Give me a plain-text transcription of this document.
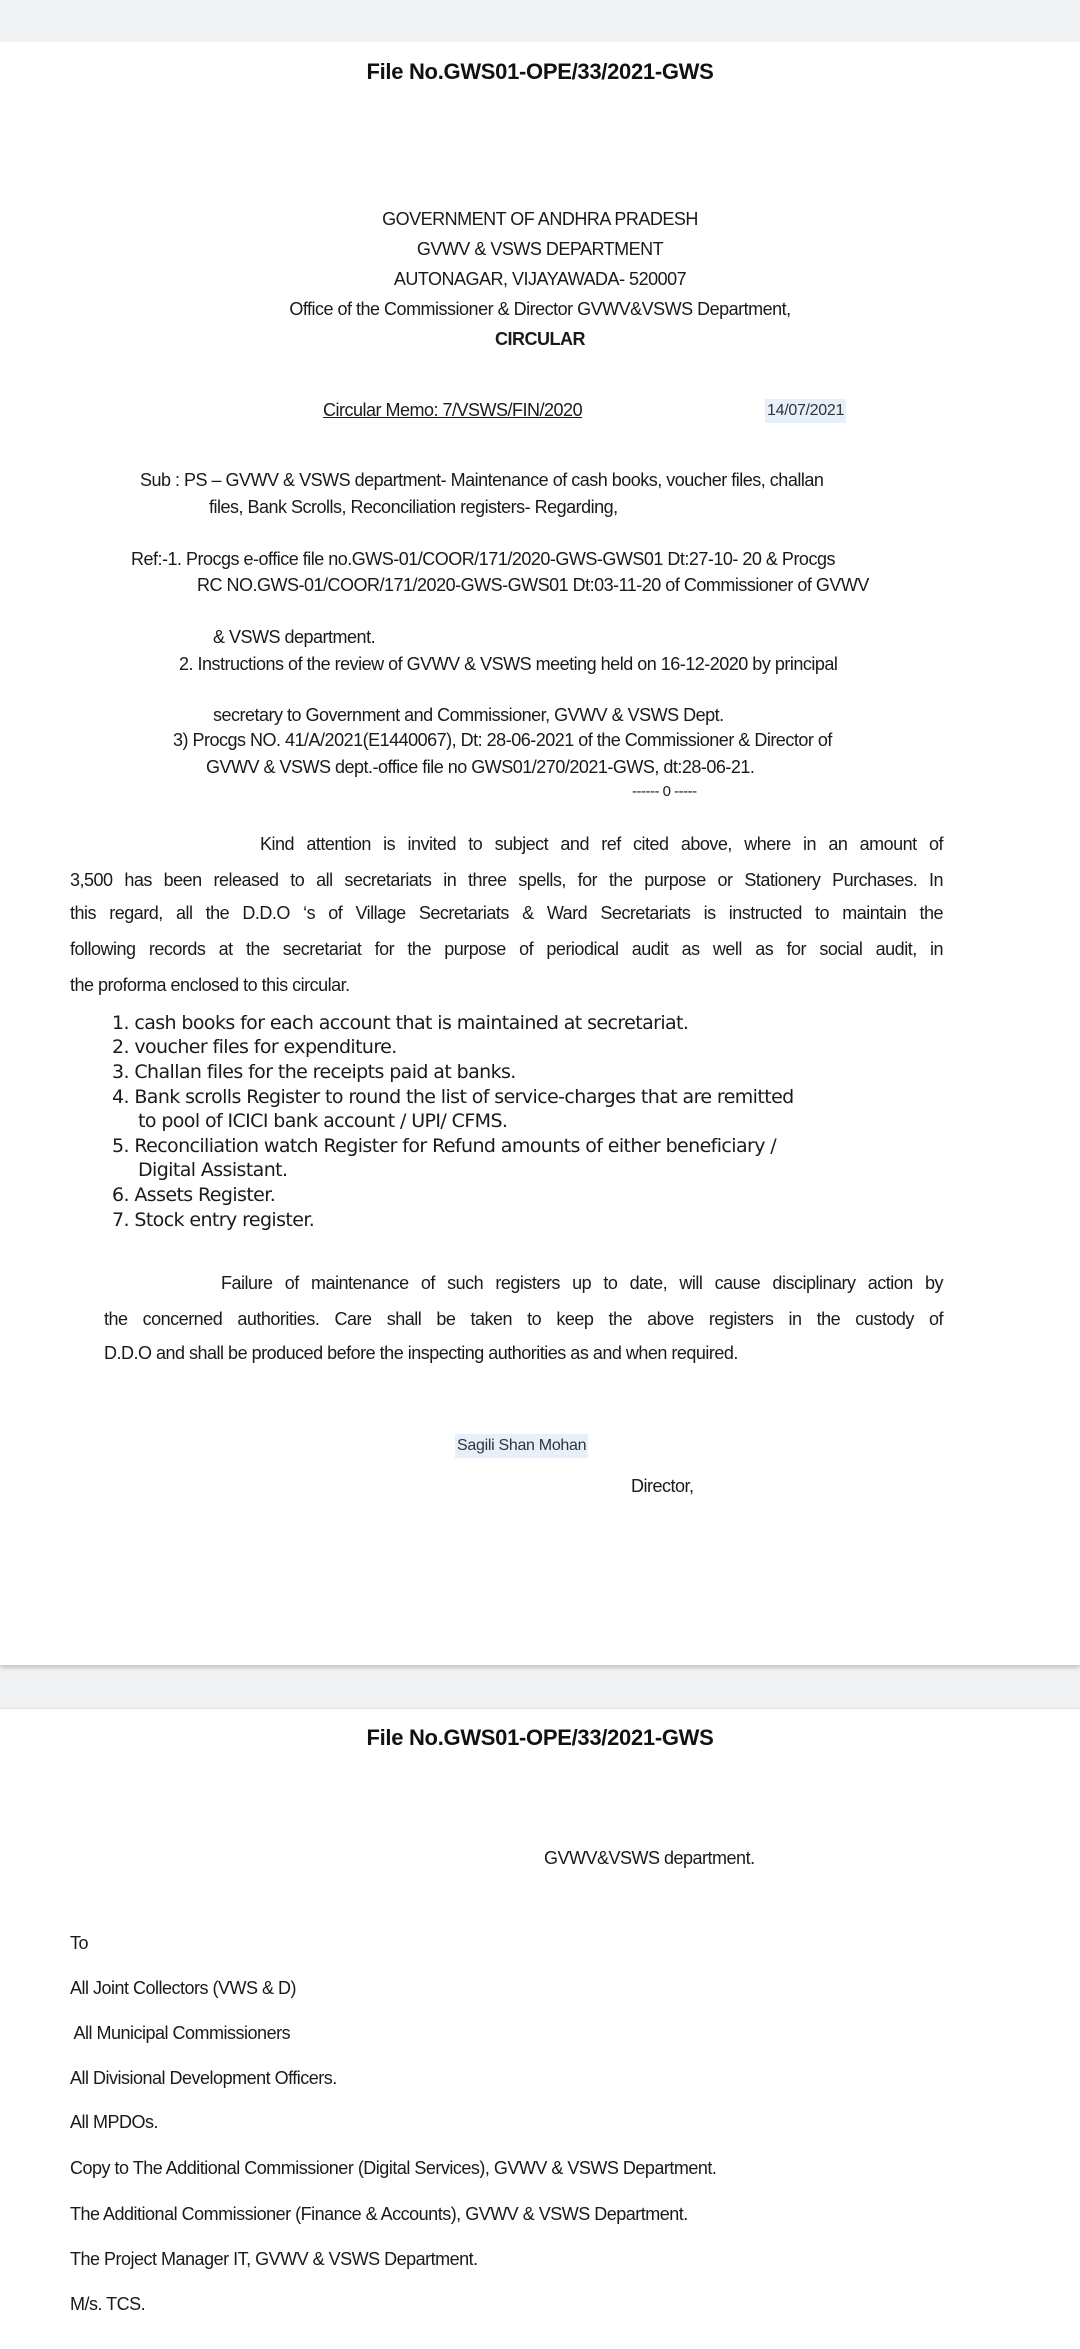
File No.GWS01-OPE/33/2021-GWS
GOVERNMENT OF ANDHRA PRADESH
GVWV & VSWS DEPARTMENT
AUTONAGAR, VIJAYAWADA- 520007
Office of the Commissioner & Director GVWV&VSWS Department,
CIRCULAR
Circular Memo: 7/VSWS/FIN/2020	14/07/2021
Sub : PS – GVWV & VSWS department- Maintenance of cash books, voucher files, challan
files, Bank Scrolls, Reconciliation registers- Regarding,
Ref:-1. Procgs e-office file no.GWS-01/COOR/171/2020-GWS-GWS01 Dt:27-10- 20 & Procgs
RC NO.GWS-01/COOR/171/2020-GWS-GWS01 Dt:03-11-20 of Commissioner of GVWV
& VSWS department.
2. Instructions of the review of GVWV & VSWS meeting held on 16-12-2020 by principal
secretary to Government and Commissioner, GVWV & VSWS Dept.
3) Procgs NO. 41/A/2021(E1440067), Dt: 28-06-2021 of the Commissioner & Director of
GVWV & VSWS dept.-office file no GWS01/270/2021-GWS, dt:28-06-21.
------ 0 -----
Kind attention is invited to subject and ref cited above, where in an amount of
3,500 has been released to all secretariats in three spells, for the purpose or Stationery Purchases. In
this regard, all the D.D.O ‘s of Village Secretariats & Ward Secretariats is instructed to maintain the
following records at the secretariat for the purpose of periodical audit as well as for social audit, in
the proforma enclosed to this circular.
1. cash books for each account that is maintained at secretariat.
2. voucher files for expenditure.
3. Challan files for the receipts paid at banks.
4. Bank scrolls Register to round the list of service-charges that are remitted
to pool of ICICI bank account / UPI/ CFMS.
5. Reconciliation watch Register for Refund amounts of either beneficiary /
Digital Assistant.
6. Assets Register.
7. Stock entry register.
Failure of maintenance of such registers up to date, will cause disciplinary action by
the concerned authorities. Care shall be taken to keep the above registers in the custody of
D.D.O and shall be produced before the inspecting authorities as and when required.
Sagili Shan Mohan
Director,
File No.GWS01-OPE/33/2021-GWS
GVWV&VSWS department.
To
All Joint Collectors (VWS & D)
All Municipal Commissioners
All Divisional Development Officers.
All MPDOs.
Copy to The Additional Commissioner (Digital Services), GVWV & VSWS Department.
The Additional Commissioner (Finance & Accounts), GVWV & VSWS Department.
The Project Manager IT, GVWV & VSWS Department.
M/s. TCS.
